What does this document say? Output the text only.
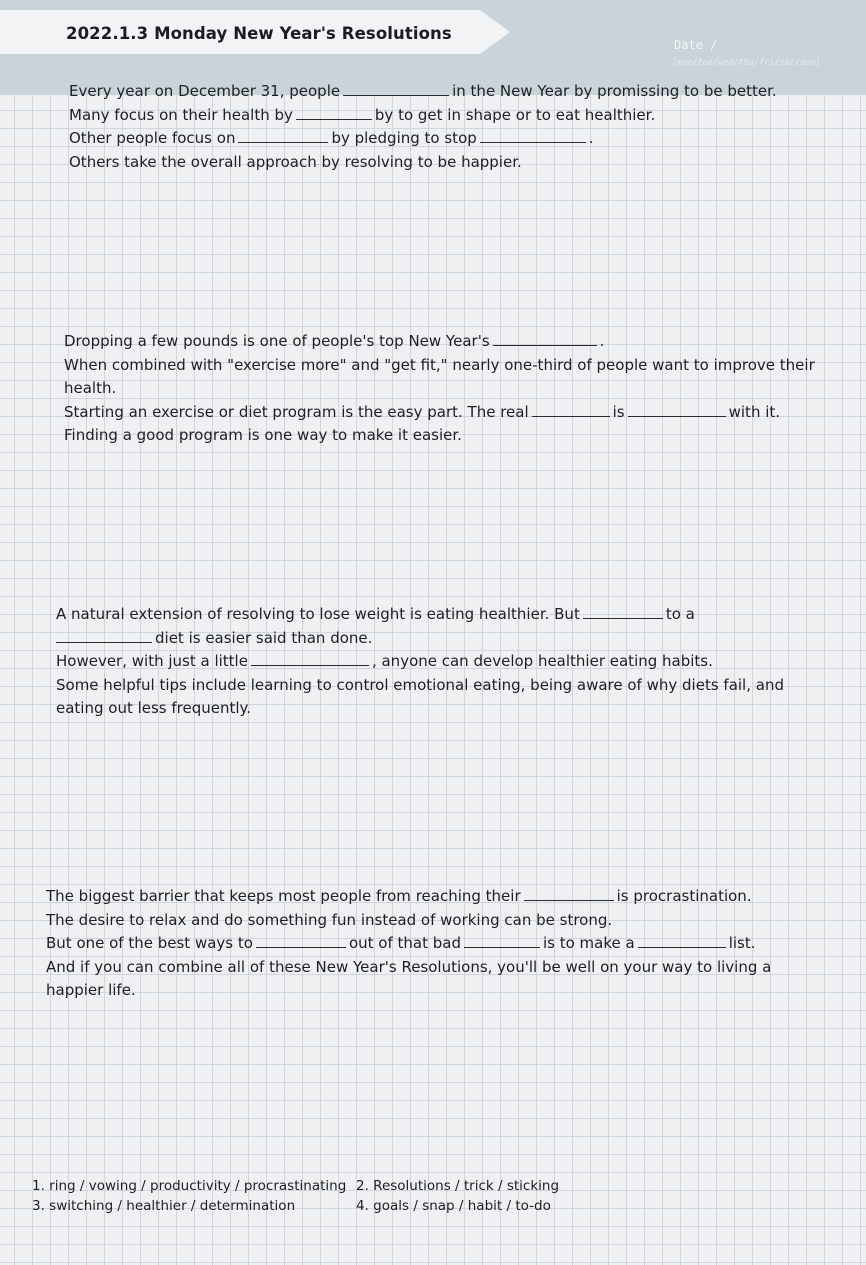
2022.1.3 Monday New Year's Resolutions
Date /
[mon/tue/wed/thu/fri/sat/sun]
Every year on December 31, people	in the New Year by promissing to be better.
Many focus on their health by	by to get in shape or to eat healthier.
Other people focus on	by pledging to stop	.
Others take the overall approach by resolving to be happier.
Dropping a few pounds is one of people's top New Year's	.
When combined with "exercise more" and "get fit," nearly one-third of people want to improve their
health.
Starting an exercise or diet program is the easy part. The real	is	with it.
Finding a good program is one way to make it easier.
A natural extension of resolving to lose weight is eating healthier. But	to a
diet is easier said than done.
However, with just a little	, anyone can develop healthier eating habits.
Some helpful tips include learning to control emotional eating, being aware of why diets fail, and
eating out less frequently.
The biggest barrier that keeps most people from reaching their	is procrastination.
The desire to relax and do something fun instead of working can be strong.
But one of the best ways to	out of that bad	is to make a	list.
And if you can combine all of these New Year's Resolutions, you'll be well on your way to living a
happier life.
1. ring / vowing / productivity / procrastinating 2. Resolutions / trick / sticking
3. switching / healthier / determination	4. goals / snap / habit / to-do
